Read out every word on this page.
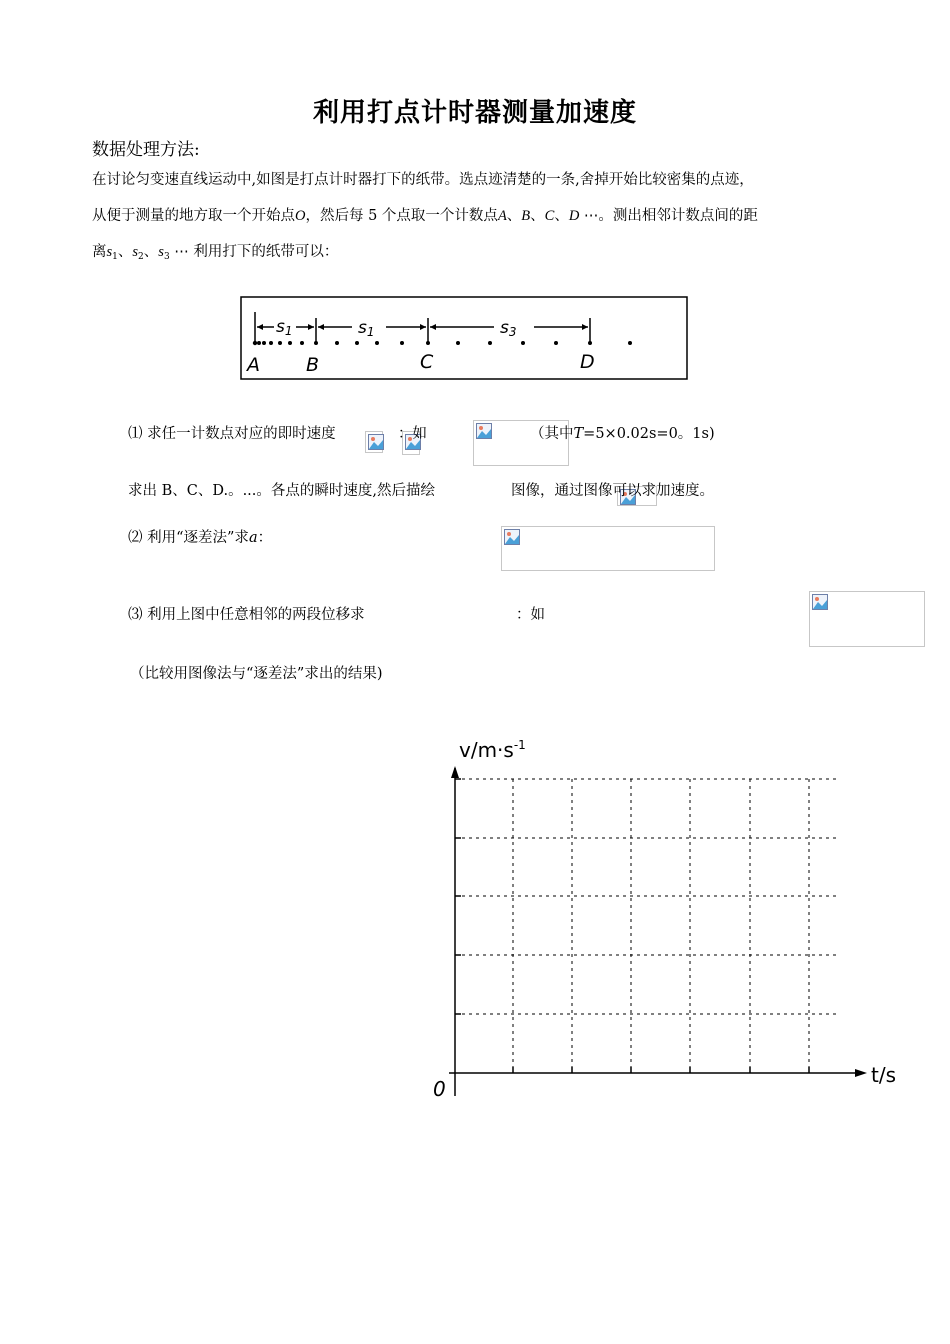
利用打点计时器测量加速度
数据处理方法:
在讨论匀变速直线运动中,如图是打点计时器打下的纸带。选点迹清楚的一条,舍掉开始比较密集的点迹，
从便于测量的地方取一个开始点O，然后每 5 个点取一个计数点A、B、C、D ⋯。测出相邻计数点间的距
离$s_1$、$s_2$、$s_3$ ⋯ 利用打下的纸带可以：
s1	s1	s3
A B	C	D
⑴ 求任一计数点对应的即时速度

	：如
	（其中T=5×0.02s=0。1s)
求出 B、C、D.。...。各点的瞬时速度,然后描绘
	图像，通过图像可以求加速度。
⑵ 利用“逐差法”求a：

⑶ 利用上图中任意相邻的两段位移求
	：如
（比较用图像法与“逐差法”求出的结果)
$v/m\cdot s^{-1}$
t/s
0
